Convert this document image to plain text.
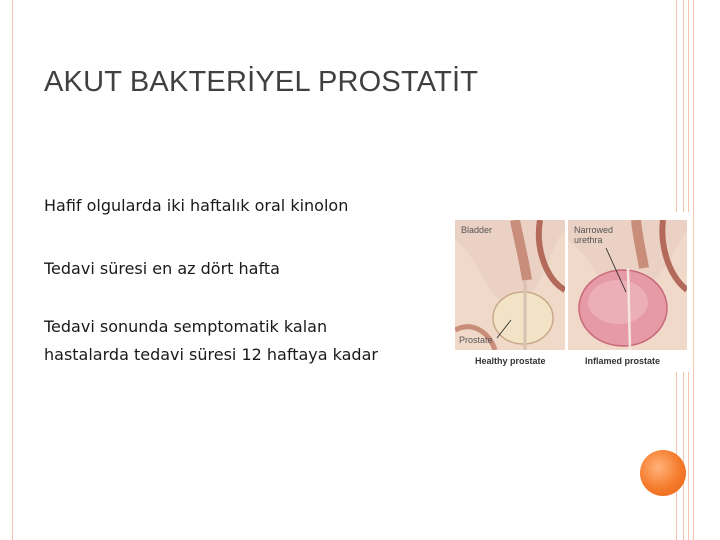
AKUT BAKTERİYEL PROSTATİT
Hafif olgularda iki haftalık oral kinolon
Tedavi süresi en az dört hafta
Tedavi sonunda semptomatik kalan hastalarda tedavi süresi 12 haftaya kadar
Bladder
Prostate
Narrowed
urethra
Healthy prostate	Inflamed prostate
